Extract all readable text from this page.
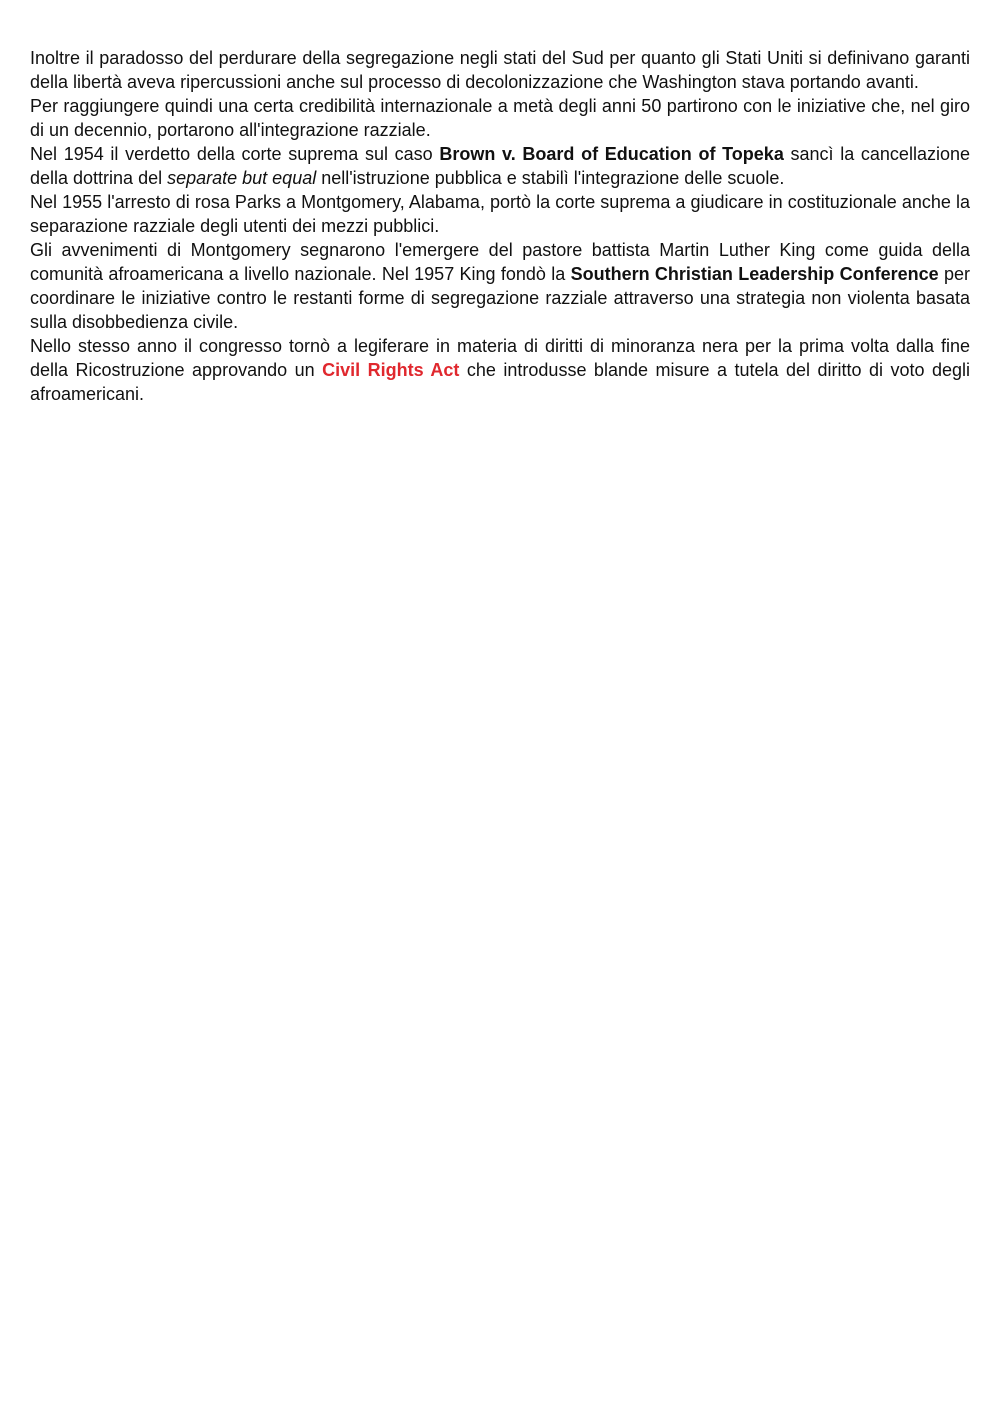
Inoltre il paradosso del perdurare della segregazione negli stati del Sud per quanto gli Stati Uniti si definivano garanti della libertà aveva ripercussioni anche sul processo di decolonizzazione che Washington stava portando avanti.

Per raggiungere quindi una certa credibilità internazionale a metà degli anni 50 partirono con le iniziative che, nel giro di un decennio, portarono all'integrazione razziale.

Nel 1954 il verdetto della corte suprema sul caso Brown v. Board of Education of Topeka sancì la cancellazione della dottrina del separate but equal nell'istruzione pubblica e stabilì l'integrazione delle scuole.

Nel 1955 l'arresto di rosa Parks a Montgomery, Alabama, portò la corte suprema a giudicare in costituzionale anche la separazione razziale degli utenti dei mezzi pubblici.

Gli avvenimenti di Montgomery segnarono l'emergere del pastore battista Martin Luther King come guida della comunità afroamericana a livello nazionale. Nel 1957 King fondò la Southern Christian Leadership Conference per coordinare le iniziative contro le restanti forme di segregazione razziale attraverso una strategia non violenta basata sulla disobbedienza civile.

Nello stesso anno il congresso tornò a legiferare in materia di diritti di minoranza nera per la prima volta dalla fine della Ricostruzione approvando un Civil Rights Act che introdusse blande misure a tutela del diritto di voto degli afroamericani.
